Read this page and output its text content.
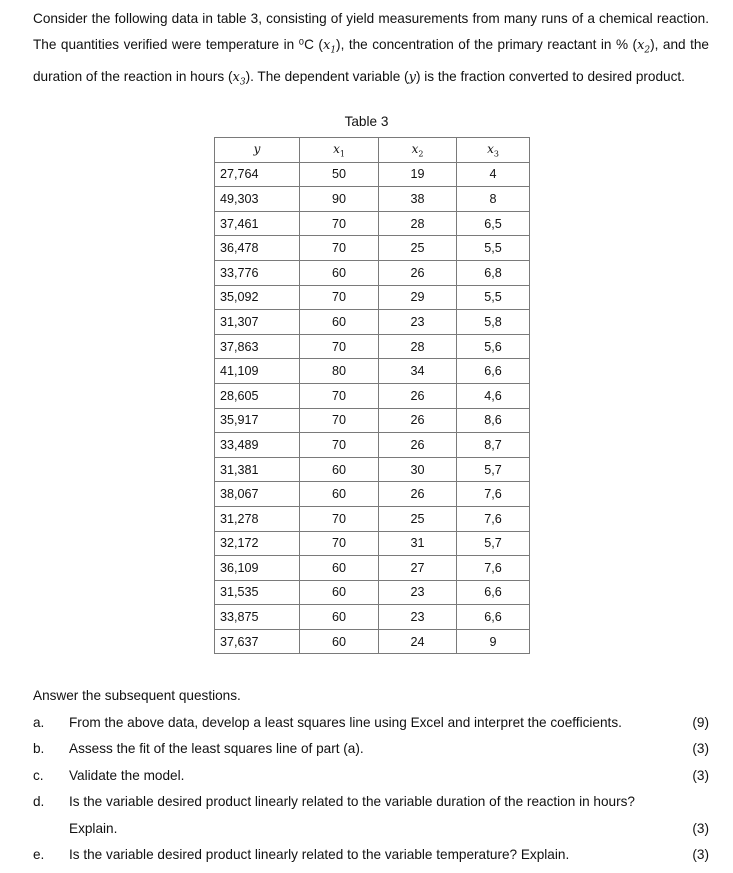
Consider the following data in table 3, consisting of yield measurements from many runs of a chemical reaction. The quantities verified were temperature in ⁰C $(x_1)$, the concentration of the primary reactant in % $(x_2)$, and the duration of the reaction in hours $(x_3)$. The dependent variable (y) is the fraction converted to desired product.
Table 3
y	$x_1$	$x_2$	$x_3$
27,764	50	19	4
49,303	90	38	8
37,461	70	28	6,5
36,478	70	25	5,5
33,776	60	26	6,8
35,092	70	29	5,5
31,307	60	23	5,8
37,863	70	28	5,6
41,109	80	34	6,6
28,605	70	26	4,6
35,917	70	26	8,6
33,489	70	26	8,7
31,381	60	30	5,7
38,067	60	26	7,6
31,278	70	25	7,6
32,172	70	31	5,7
36,109	60	27	7,6
31,535	60	23	6,6
33,875	60	23	6,6
37,637	60	24	9
Answer the subsequent questions.
a.	From the above data, develop a least squares line using Excel and interpret the coefficients.	(9)
b.	Assess the fit of the least squares line of part (a).	(3)
c.	Validate the model.	(3)
d.	Is the variable desired product linearly related to the variable duration of the reaction in hours? Explain.	(3)
e.	Is the variable desired product linearly related to the variable temperature? Explain.	(3)
